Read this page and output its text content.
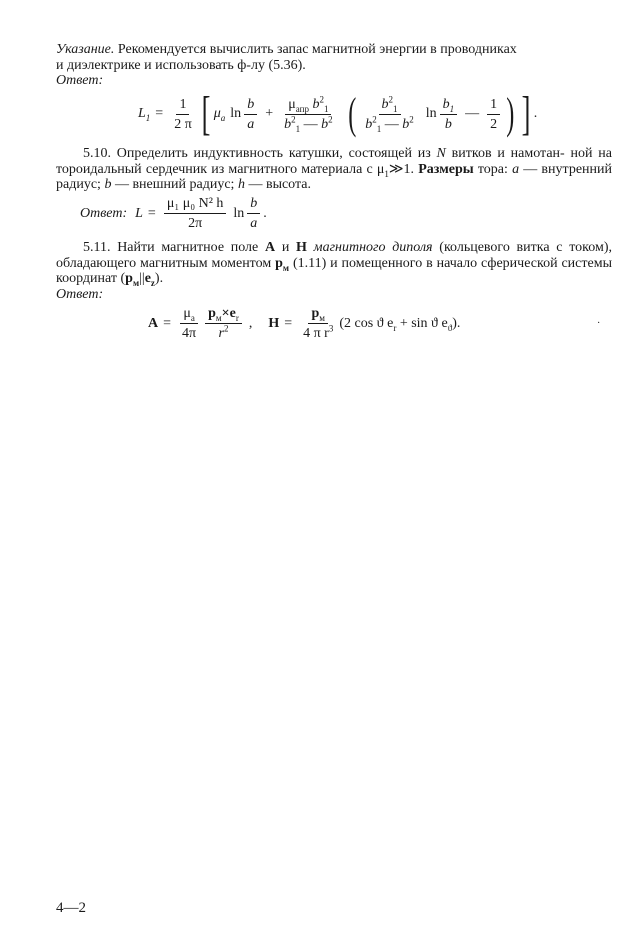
Указание. Рекомендуется вычислить запас магнитной энергии в проводниках
и диэлектрике и использовать ф-лу (5.36).
Ответ:
$L_1 = \frac{1}{2 \pi}$ [ $\mu_a$ $\ln \frac{b}{a} + \frac{\mu_{апр} b^2_1}{b^2_1 — b^2}$ ( $\frac{b^2_1}{b^2_1 — b^2}$ $\ln \frac{b_1}{b}$ — $\frac{1}{2}$ ) ] .
5.10. Определить индуктивность катушки, состоящей из N витков и намотан- ной на тороидальный сердечник из магнитного материала с $\mu_1≫1$. Размеры тора: a — внутренний радиус; b — внешний радиус; h — высота.
Ответ: $L = \frac{\text{μ₁ μ₀ N² h}}{2\pi}$ $\ln \frac{b}{a}$ .
5.11. Найти магнитное поле A и H магнитного диполя (кольцевого витка с током), обладающего магнитным моментом $p_м$ (1.11) и помещенного в начало сферической системы координат $(p_м||e_z)$.
Ответ:
$A = \frac{\mu_a}{4\pi} \frac{p_м\times e_r}{r^2}$ , $H = \frac{p_м}{4 \pi r^3} (2$ cos ϑ $e_r + \sin ϑ$ $e_ϑ$).	·
4—2
